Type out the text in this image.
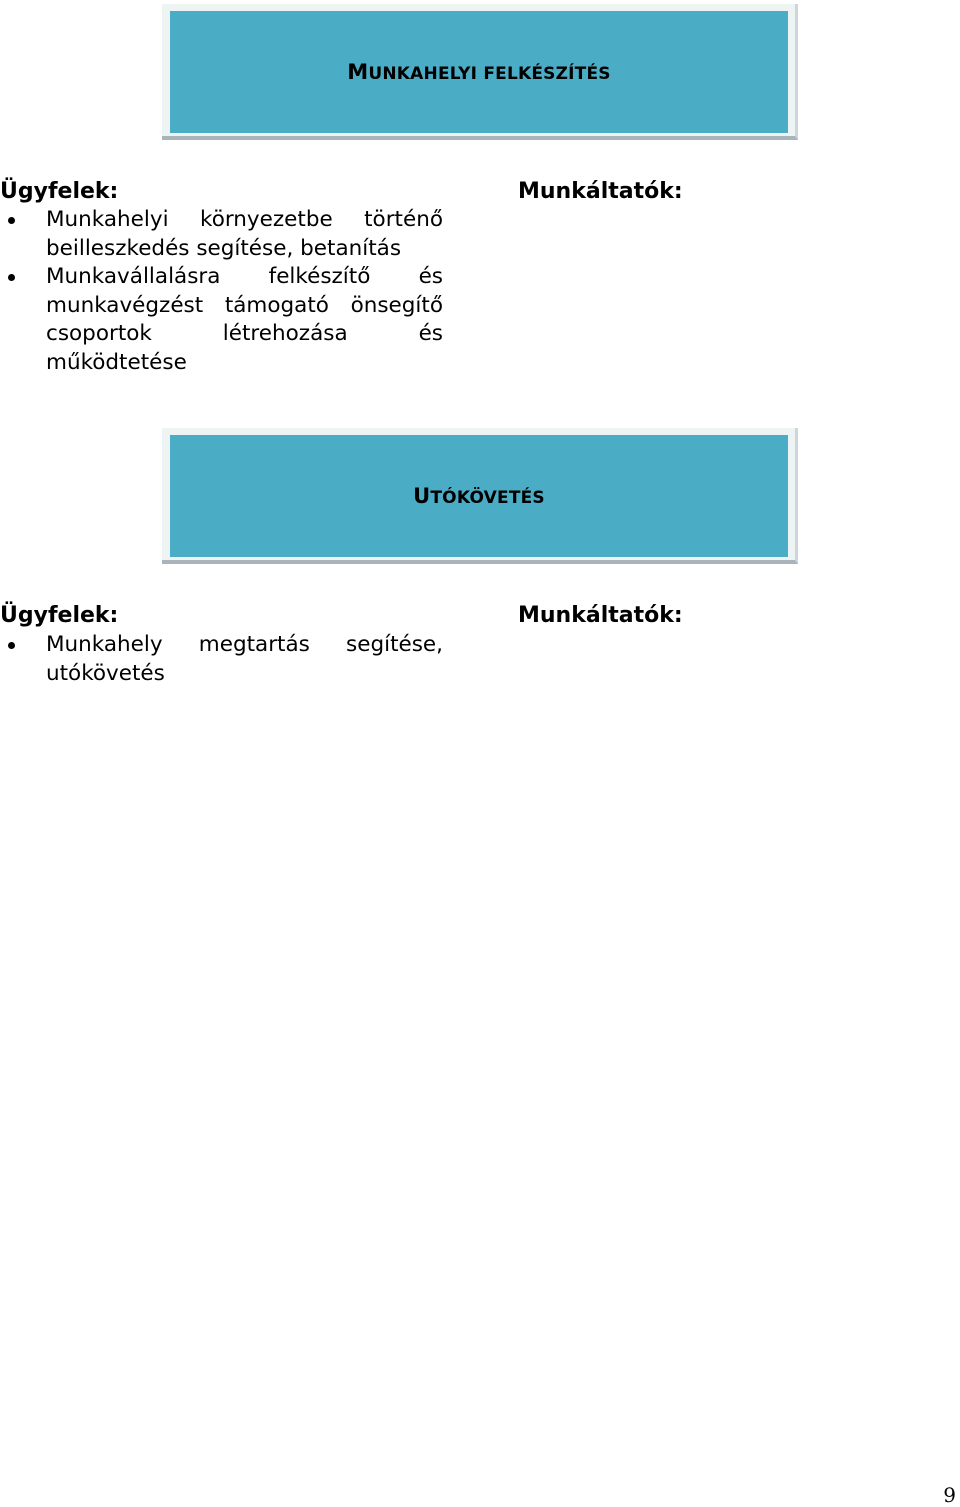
MUNKAHELYI FELKÉSZÍTÉS
Ügyfelek:	Munkáltatók:
Munkahelyi környezetbe történő beilleszkedés segítése, betanítás
Munkavállalásra felkészítő és munkavégzést támogató önsegítő csoportok létrehozása és működtetése
UTÓKÖVETÉS
Ügyfelek:	Munkáltatók:
Munkahely megtartás segítése, utókövetés
9
